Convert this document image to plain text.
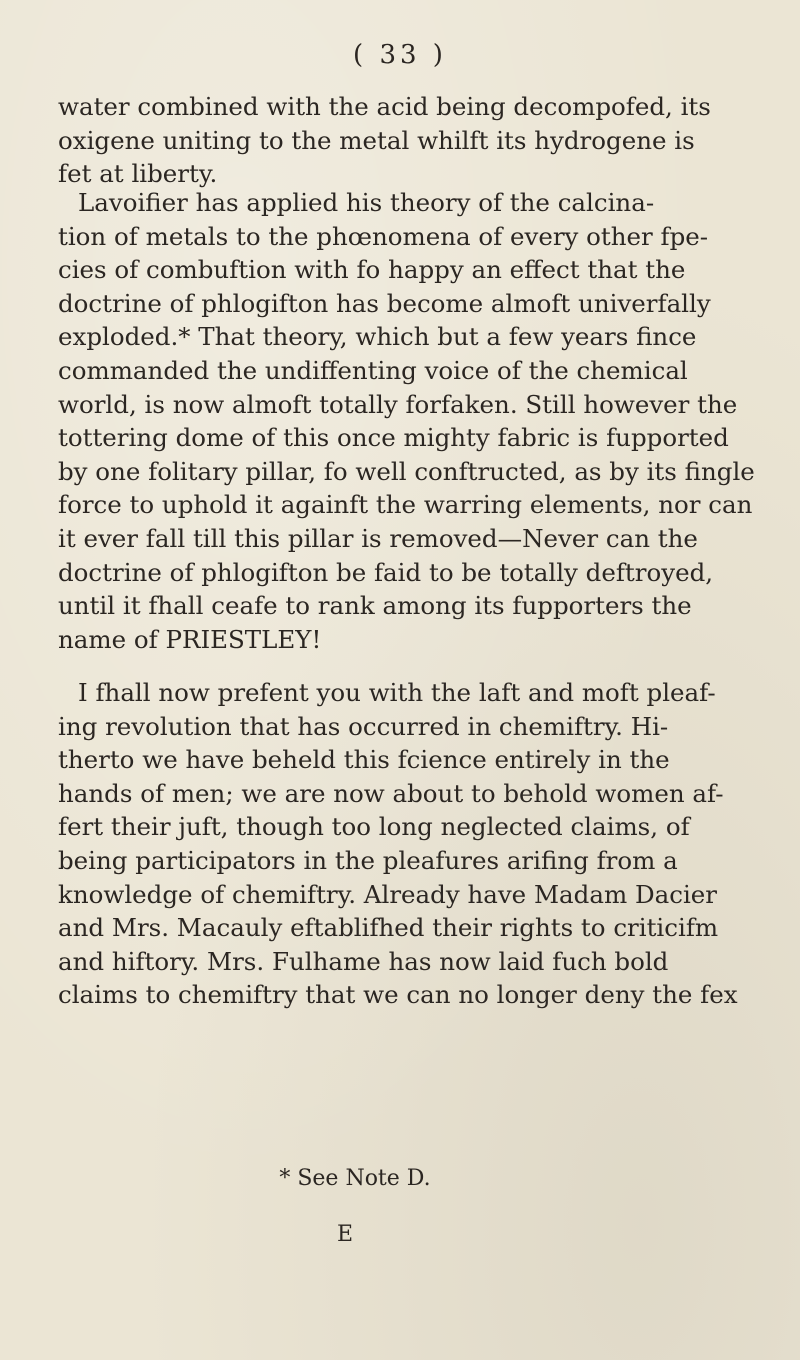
( 33 )
water combined with the acid being decompofed, its
oxigene uniting to the metal whilft its hydrogene is
fet at liberty.
Lavoifier has applied his theory of the calcina-
tion of metals to the phœnomena of every other fpe-
cies of combuftion with fo happy an effect that the
doctrine of phlogifton has become almoft univerfally
exploded.* That theory, which but a few years fince
commanded the undiffenting voice of the chemical
world, is now almoft totally forfaken. Still however the
tottering dome of this once mighty fabric is fupported
by one folitary pillar, fo well conftructed, as by its fingle
force to uphold it againft the warring elements, nor can
it ever fall till this pillar is removed—Never can the
doctrine of phlogifton be faid to be totally deftroyed,
until it fhall ceafe to rank among its fupporters the
name of PRIESTLEY!
I fhall now prefent you with the laft and moft pleaf-
ing revolution that has occurred in chemiftry. Hi-
therto we have beheld this fcience entirely in the
hands of men; we are now about to behold women af-
fert their juft, though too long neglected claims, of
being participators in the pleafures arifing from a
knowledge of chemiftry. Already have Madam Dacier
and Mrs. Macauly eftablifhed their rights to criticifm
and hiftory. Mrs. Fulhame has now laid fuch bold
claims to chemiftry that we can no longer deny the fex
* See Note D.
E
